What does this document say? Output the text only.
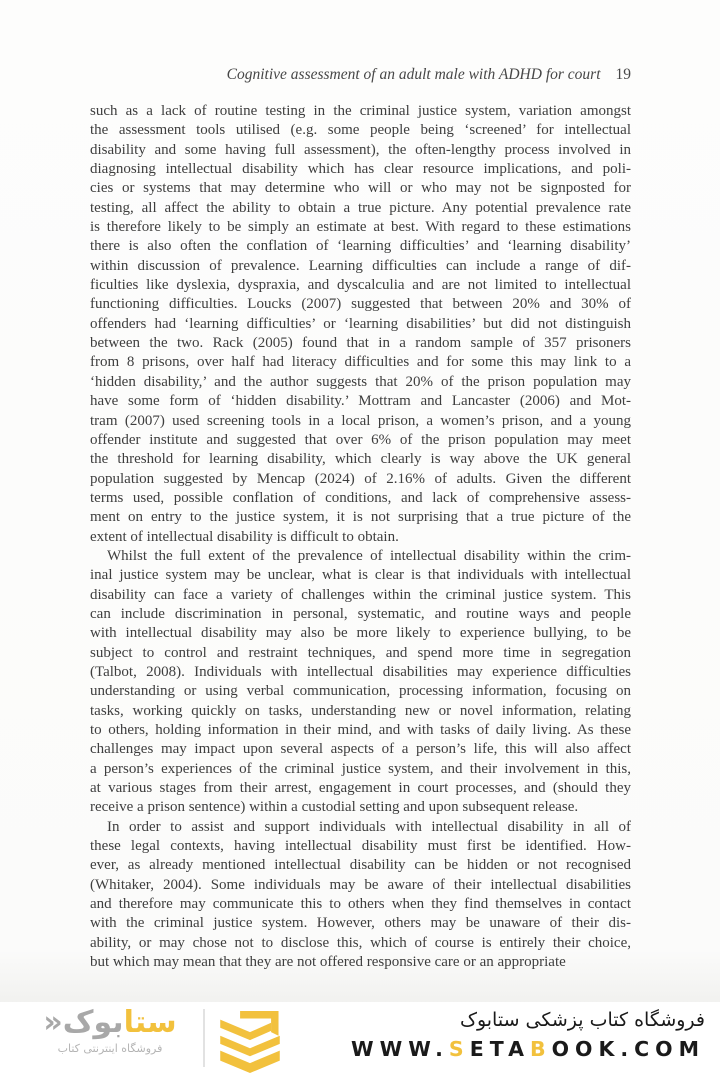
Cognitive assessment of an adult male with ADHD for court 19
such as a lack of routine testing in the criminal justice system, variation amongst
the assessment tools utilised (e.g. some people being ‘screened’ for intellectual
disability and some having full assessment), the often-lengthy process involved in
diagnosing intellectual disability which has clear resource implications, and poli-
cies or systems that may determine who will or who may not be signposted for
testing, all affect the ability to obtain a true picture. Any potential prevalence rate
is therefore likely to be simply an estimate at best. With regard to these estimations
there is also often the conflation of ‘learning difficulties’ and ‘learning disability’
within discussion of prevalence. Learning difficulties can include a range of dif-
ficulties like dyslexia, dyspraxia, and dyscalculia and are not limited to intellectual
functioning difficulties. Loucks (2007) suggested that between 20% and 30% of
offenders had ‘learning difficulties’ or ‘learning disabilities’ but did not distinguish
between the two. Rack (2005) found that in a random sample of 357 prisoners
from 8 prisons, over half had literacy difficulties and for some this may link to a
‘hidden disability,’ and the author suggests that 20% of the prison population may
have some form of ‘hidden disability.’ Mottram and Lancaster (2006) and Mot-
tram (2007) used screening tools in a local prison, a women’s prison, and a young
offender institute and suggested that over 6% of the prison population may meet
the threshold for learning disability, which clearly is way above the UK general
population suggested by Mencap (2024) of 2.16% of adults. Given the different
terms used, possible conflation of conditions, and lack of comprehensive assess-
ment on entry to the justice system, it is not surprising that a true picture of the
extent of intellectual disability is difficult to obtain.
Whilst the full extent of the prevalence of intellectual disability within the crim-
inal justice system may be unclear, what is clear is that individuals with intellectual
disability can face a variety of challenges within the criminal justice system. This
can include discrimination in personal, systematic, and routine ways and people
with intellectual disability may also be more likely to experience bullying, to be
subject to control and restraint techniques, and spend more time in segregation
(Talbot, 2008). Individuals with intellectual disabilities may experience difficulties
understanding or using verbal communication, processing information, focusing on
tasks, working quickly on tasks, understanding new or novel information, relating
to others, holding information in their mind, and with tasks of daily living. As these
challenges may impact upon several aspects of a person’s life, this will also affect
a person’s experiences of the criminal justice system, and their involvement in this,
at various stages from their arrest, engagement in court processes, and (should they
receive a prison sentence) within a custodial setting and upon subsequent release.
In order to assist and support individuals with intellectual disability in all of
these legal contexts, having intellectual disability must first be identified. How-
ever, as already mentioned intellectual disability can be hidden or not recognised
(Whitaker, 2004). Some individuals may be aware of their intellectual disabilities
and therefore may communicate this to others when they find themselves in contact
with the criminal justice system. However, others may be unaware of their dis-
ability, or may chose not to disclose this, which of course is entirely their choice,
but which may mean that they are not offered responsive care or an appropriate
ستابوک«
فروشگاه اینترنتی کتاب
فروشگاه کتاب پزشکی ستابوک
WWW.SETABOOK.COM
